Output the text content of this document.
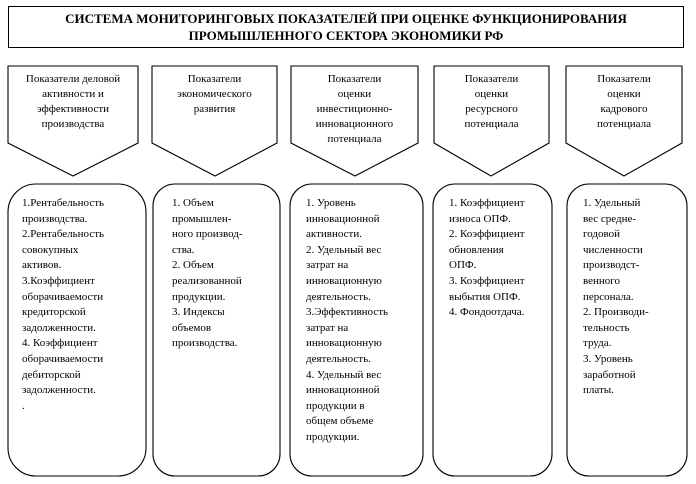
СИСТЕМА МОНИТОРИНГОВЫХ ПОКАЗАТЕЛЕЙ ПРИ ОЦЕНКЕ ФУНКЦИОНИРОВАНИЯ
ПРОМЫШЛЕННОГО СЕКТОРА ЭКОНОМИКИ РФ
Показатели деловой
активности и
эффективности
производства
1.Рентабельность
производства.
2.Рентабельность
совокупных
активов.
3.Коэффициент
оборачиваемости
кредиторской
задолженности.
4. Коэффициент
оборачиваемости
дебиторской
задолженности.
.
Показатели
экономического
развития
1. Объем
промышлен-
ного производ-
ства.
2. Объем
реализованной
продукции.
3. Индексы
объемов
производства.
Показатели
оценки
инвестиционно-
инновационного
потенциала
1. Уровень
инновационной
активности.
2. Удельный вес
затрат на
инновационную
деятельность.
3.Эффективность
затрат на
инновационную
деятельность.
4. Удельный вес
инновационной
продукции в
общем объеме
продукции.
Показатели
оценки
ресурсного
потенциала
1. Коэффициент
износа ОПФ.
2. Коэффициент
обновления
ОПФ.
3. Коэффициент
выбытия ОПФ.
4. Фондоотдача.
Показатели
оценки
кадрового
потенциала
1. Удельный
вес средне-
годовой
численности
производст-
венного
персонала.
2. Производи-
тельность
труда.
3. Уровень
заработной
платы.
